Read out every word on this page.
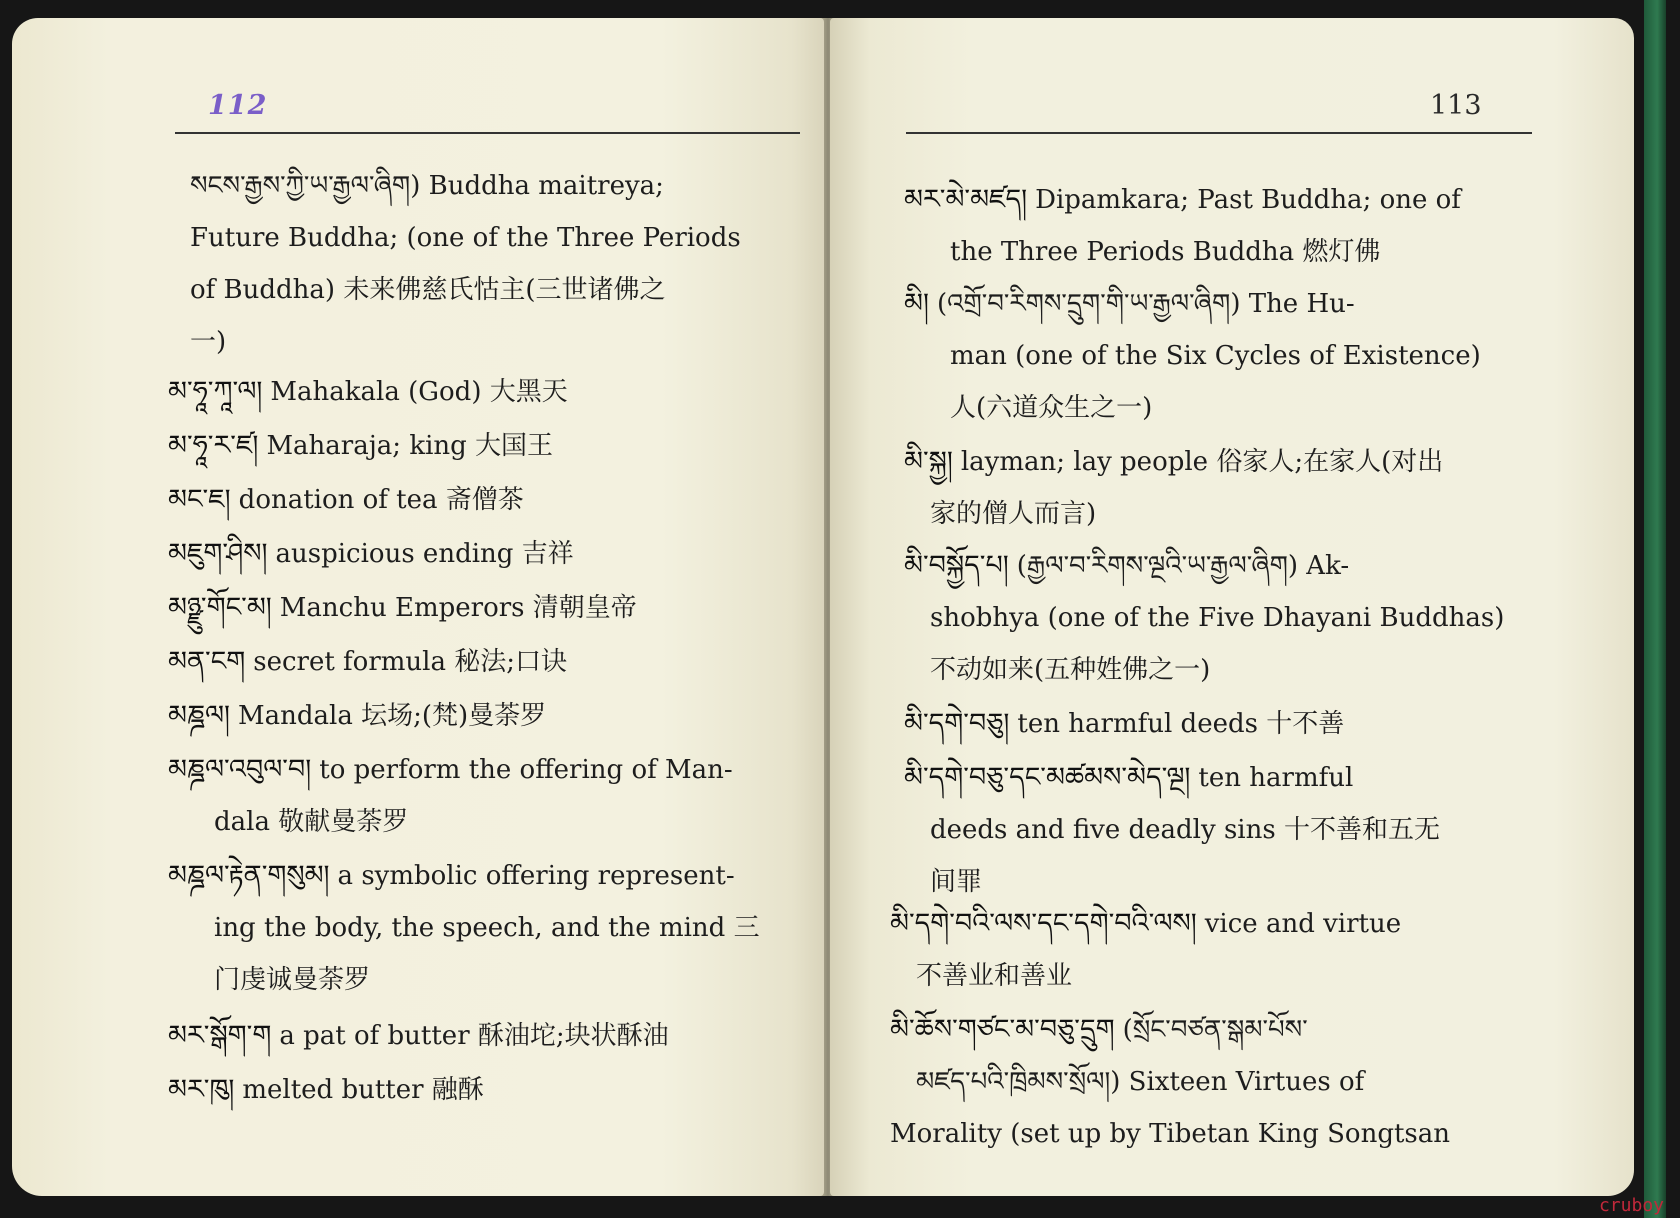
112
སངས་རྒྱས་ཀྱི་ཡ་རྒྱལ་ཞིག) Buddha maitreya;
Future Buddha; (one of the Three Periods
of Buddha) 未来佛慈氏怙主(三世诸佛之
一)
མ་ཧཱ་ཀཱ་ལ། Mahakala (God) 大黑天
མ་ཧཱ་ར་ཛ། Maharaja; king 大国王
མང་ཇ། donation of tea 斋僧茶
མཇུག་ཤིས། auspicious ending 吉祥
མཉྫུ་གོང་མ། Manchu Emperors 清朝皇帝
མན་ངག secret formula 秘法;口诀
མཎྜལ། Mandala 坛场;(梵)曼荼罗
མཎྜལ་འབུལ་བ། to perform the offering of Man-
dala 敬献曼荼罗
མཎྜལ་རྟེན་གསུམ། a symbolic offering represent-
ing the body, the speech, and the mind 三
门虔诚曼荼罗
མར་སྒོག་ག a pat of butter 酥油坨;块状酥油
མར་ཁུ། melted butter 融酥
113
མར་མེ་མཛད། Dipamkara; Past Buddha; one of
the Three Periods Buddha 燃灯佛
མི། (འགྲོ་བ་རིགས་དྲུག་གི་ཡ་རྒྱལ་ཞིག) The Hu-
man (one of the Six Cycles of Existence)
人(六道众生之一)
མི་སྐྱ། layman; lay people 俗家人;在家人(对出
家的僧人而言)
མི་བསྐྱོད་པ། (རྒྱལ་བ་རིགས་ལྔའི་ཡ་རྒྱལ་ཞིག) Ak-
shobhya (one of the Five Dhayani Buddhas)
不动如来(五种姓佛之一)
མི་དགེ་བཅུ། ten harmful deeds 十不善
མི་དགེ་བཅུ་དང་མཚམས་མེད་ལྔ། ten harmful
deeds and five deadly sins 十不善和五无
间罪
མི་དགེ་བའི་ལས་དང་དགེ་བའི་ལས། vice and virtue
不善业和善业
མི་ཆོས་གཙང་མ་བཅུ་དྲུག (སྲོང་བཙན་སྒམ་པོས་
མཛད་པའི་ཁྲིམས་སྲོལ།) Sixteen Virtues of
Morality (set up by Tibetan King Songtsan
cruboy
